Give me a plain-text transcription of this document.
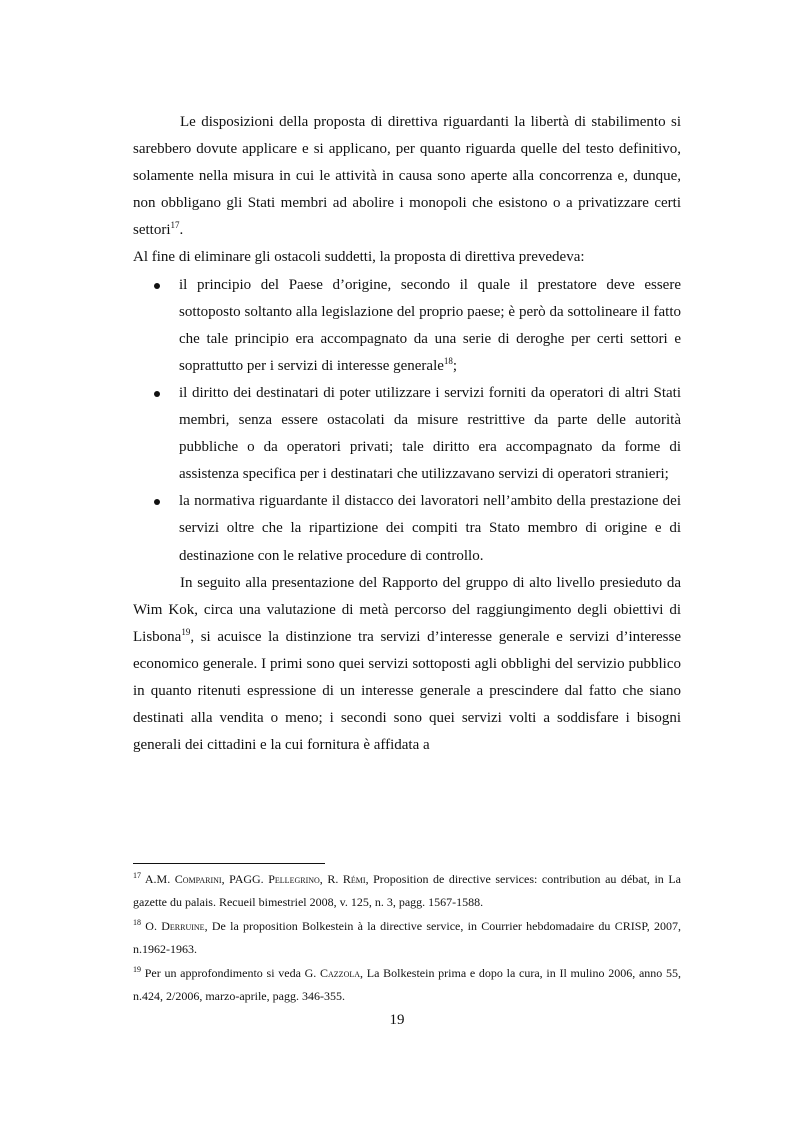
Le disposizioni della proposta di direttiva riguardanti la libertà di stabilimento si sarebbero dovute applicare e si applicano, per quanto riguarda quelle del testo definitivo, solamente nella misura in cui le attività in causa sono aperte alla concorrenza e, dunque, non obbligano gli Stati membri ad abolire i monopoli che esistono o a privatizzare certi settori$^{17}$.

Al fine di eliminare gli ostacoli suddetti, la proposta di direttiva prevedeva:

il principio del Paese d’origine, secondo il quale il prestatore deve essere sottoposto soltanto alla legislazione del proprio paese; è però da sottolineare il fatto che tale principio era accompagnato da una serie di deroghe per certi settori e soprattutto per i servizi di interesse generale$^{18}$;
il diritto dei destinatari di poter utilizzare i servizi forniti da operatori di altri Stati membri, senza essere ostacolati da misure restrittive da parte delle autorità pubbliche o da operatori privati; tale diritto era accompagnato da forme di assistenza specifica per i destinatari che utilizzavano servizi di operatori stranieri;
la normativa riguardante il distacco dei lavoratori nell’ambito della prestazione dei servizi oltre che la ripartizione dei compiti tra Stato membro di origine e di destinazione con le relative procedure di controllo.

In seguito alla presentazione del Rapporto del gruppo di alto livello presieduto da Wim Kok, circa una valutazione di metà percorso del raggiungimento degli obiettivi di Lisbona$^{19}$, si acuisce la distinzione tra servizi d’interesse generale e servizi d’interesse economico generale. I primi sono quei servizi sottoposti agli obblighi del servizio pubblico in quanto ritenuti espressione di un interesse generale a prescindere dal fatto che siano destinati alla vendita o meno; i secondi sono quei servizi volti a soddisfare i bisogni generali dei cittadini e la cui fornitura è affidata a

$^{17}$ A.M. Comparini, PAGG. Pellegrino, R. Rémi, Proposition de directive services: contribution au débat, in La gazette du palais. Recueil bimestriel 2008, v. 125, n. 3, pagg. 1567-1588.

$^{18}$ O. Derruine, De la proposition Bolkestein à la directive service, in Courrier hebdomadaire du CRISP, 2007, n.1962-1963.

$^{19}$ Per un approfondimento si veda G. Cazzola, La Bolkestein prima e dopo la cura, in Il mulino 2006, anno 55, n.424, 2/2006, marzo-aprile, pagg. 346-355.

19
